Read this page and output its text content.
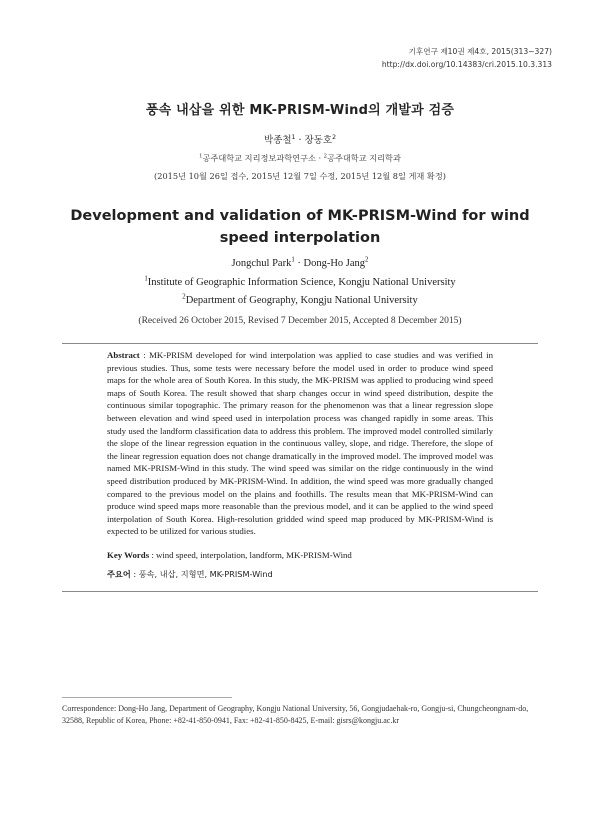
기후연구 제10권 제4호, 2015(313~327)
http://dx.doi.org/10.14383/cri.2015.10.3.313
풍속 내삽을 위한 MK-PRISM-Wind의 개발과 검증
박종철$^1$ · 장동호$^2$
$^1$공주대학교 지리정보과학연구소 · $^2$공주대학교 지리학과
(2015년 10월 26일 접수, 2015년 12월 7일 수정, 2015년 12월 8일 게재 확정)
Development and validation of MK-PRISM-Wind for wind speed interpolation
Jongchul Park$^1$ · Dong-Ho Jang$^2$
$^1$Institute of Geographic Information Science, Kongju National University
$^2$Department of Geography, Kongju National University
(Received 26 October 2015, Revised 7 December 2015, Accepted 8 December 2015)
Abstract : MK-PRISM developed for wind interpolation was applied to case studies and was verified in previous studies. Thus, some tests were necessary before the model used in order to produce wind speed maps for the whole area of South Korea. In this study, the MK-PRISM was applied to producing wind speed maps of South Korea. The result showed that sharp changes occur in wind speed distribution, despite the continuous similar topographic. The primary reason for the phenomenon was that a linear regression slope between elevation and wind speed used in interpolation process was changed rapidly in some areas. This study used the landform classification data to address this problem. The improved model controlled similarly the slope of the linear regression equation in the continuous valley, slope, and ridge. Therefore, the slope of the linear regression equation does not change dramatically in the improved model. The improved model was named MK-PRISM-Wind in this study. The wind speed was similar on the ridge continuously in the wind speed distribution produced by MK-PRISM-Wind. In addition, the wind speed was more gradually changed compared to the previous model on the plains and foothills. The results mean that MK-PRISM-Wind can produce wind speed maps more reasonable than the previous model, and it can be applied to the wind speed interpolation of South Korea. High-resolution gridded wind speed map produced by MK-PRISM-Wind is expected to be utilized for various studies.
Key Words : wind speed, interpolation, landform, MK-PRISM-Wind
주요어 : 풍속, 내삽, 지형면, MK-PRISM-Wind
Correspondence: Dong-Ho Jang, Department of Geography, Kongju National University, 56, Gongjudaehak-ro, Gongju-si, Chungcheongnam-do, 32588, Republic of Korea, Phone: +82-41-850-0941, Fax: +82-41-850-8425, E-mail: gisrs@kongju.ac.kr
